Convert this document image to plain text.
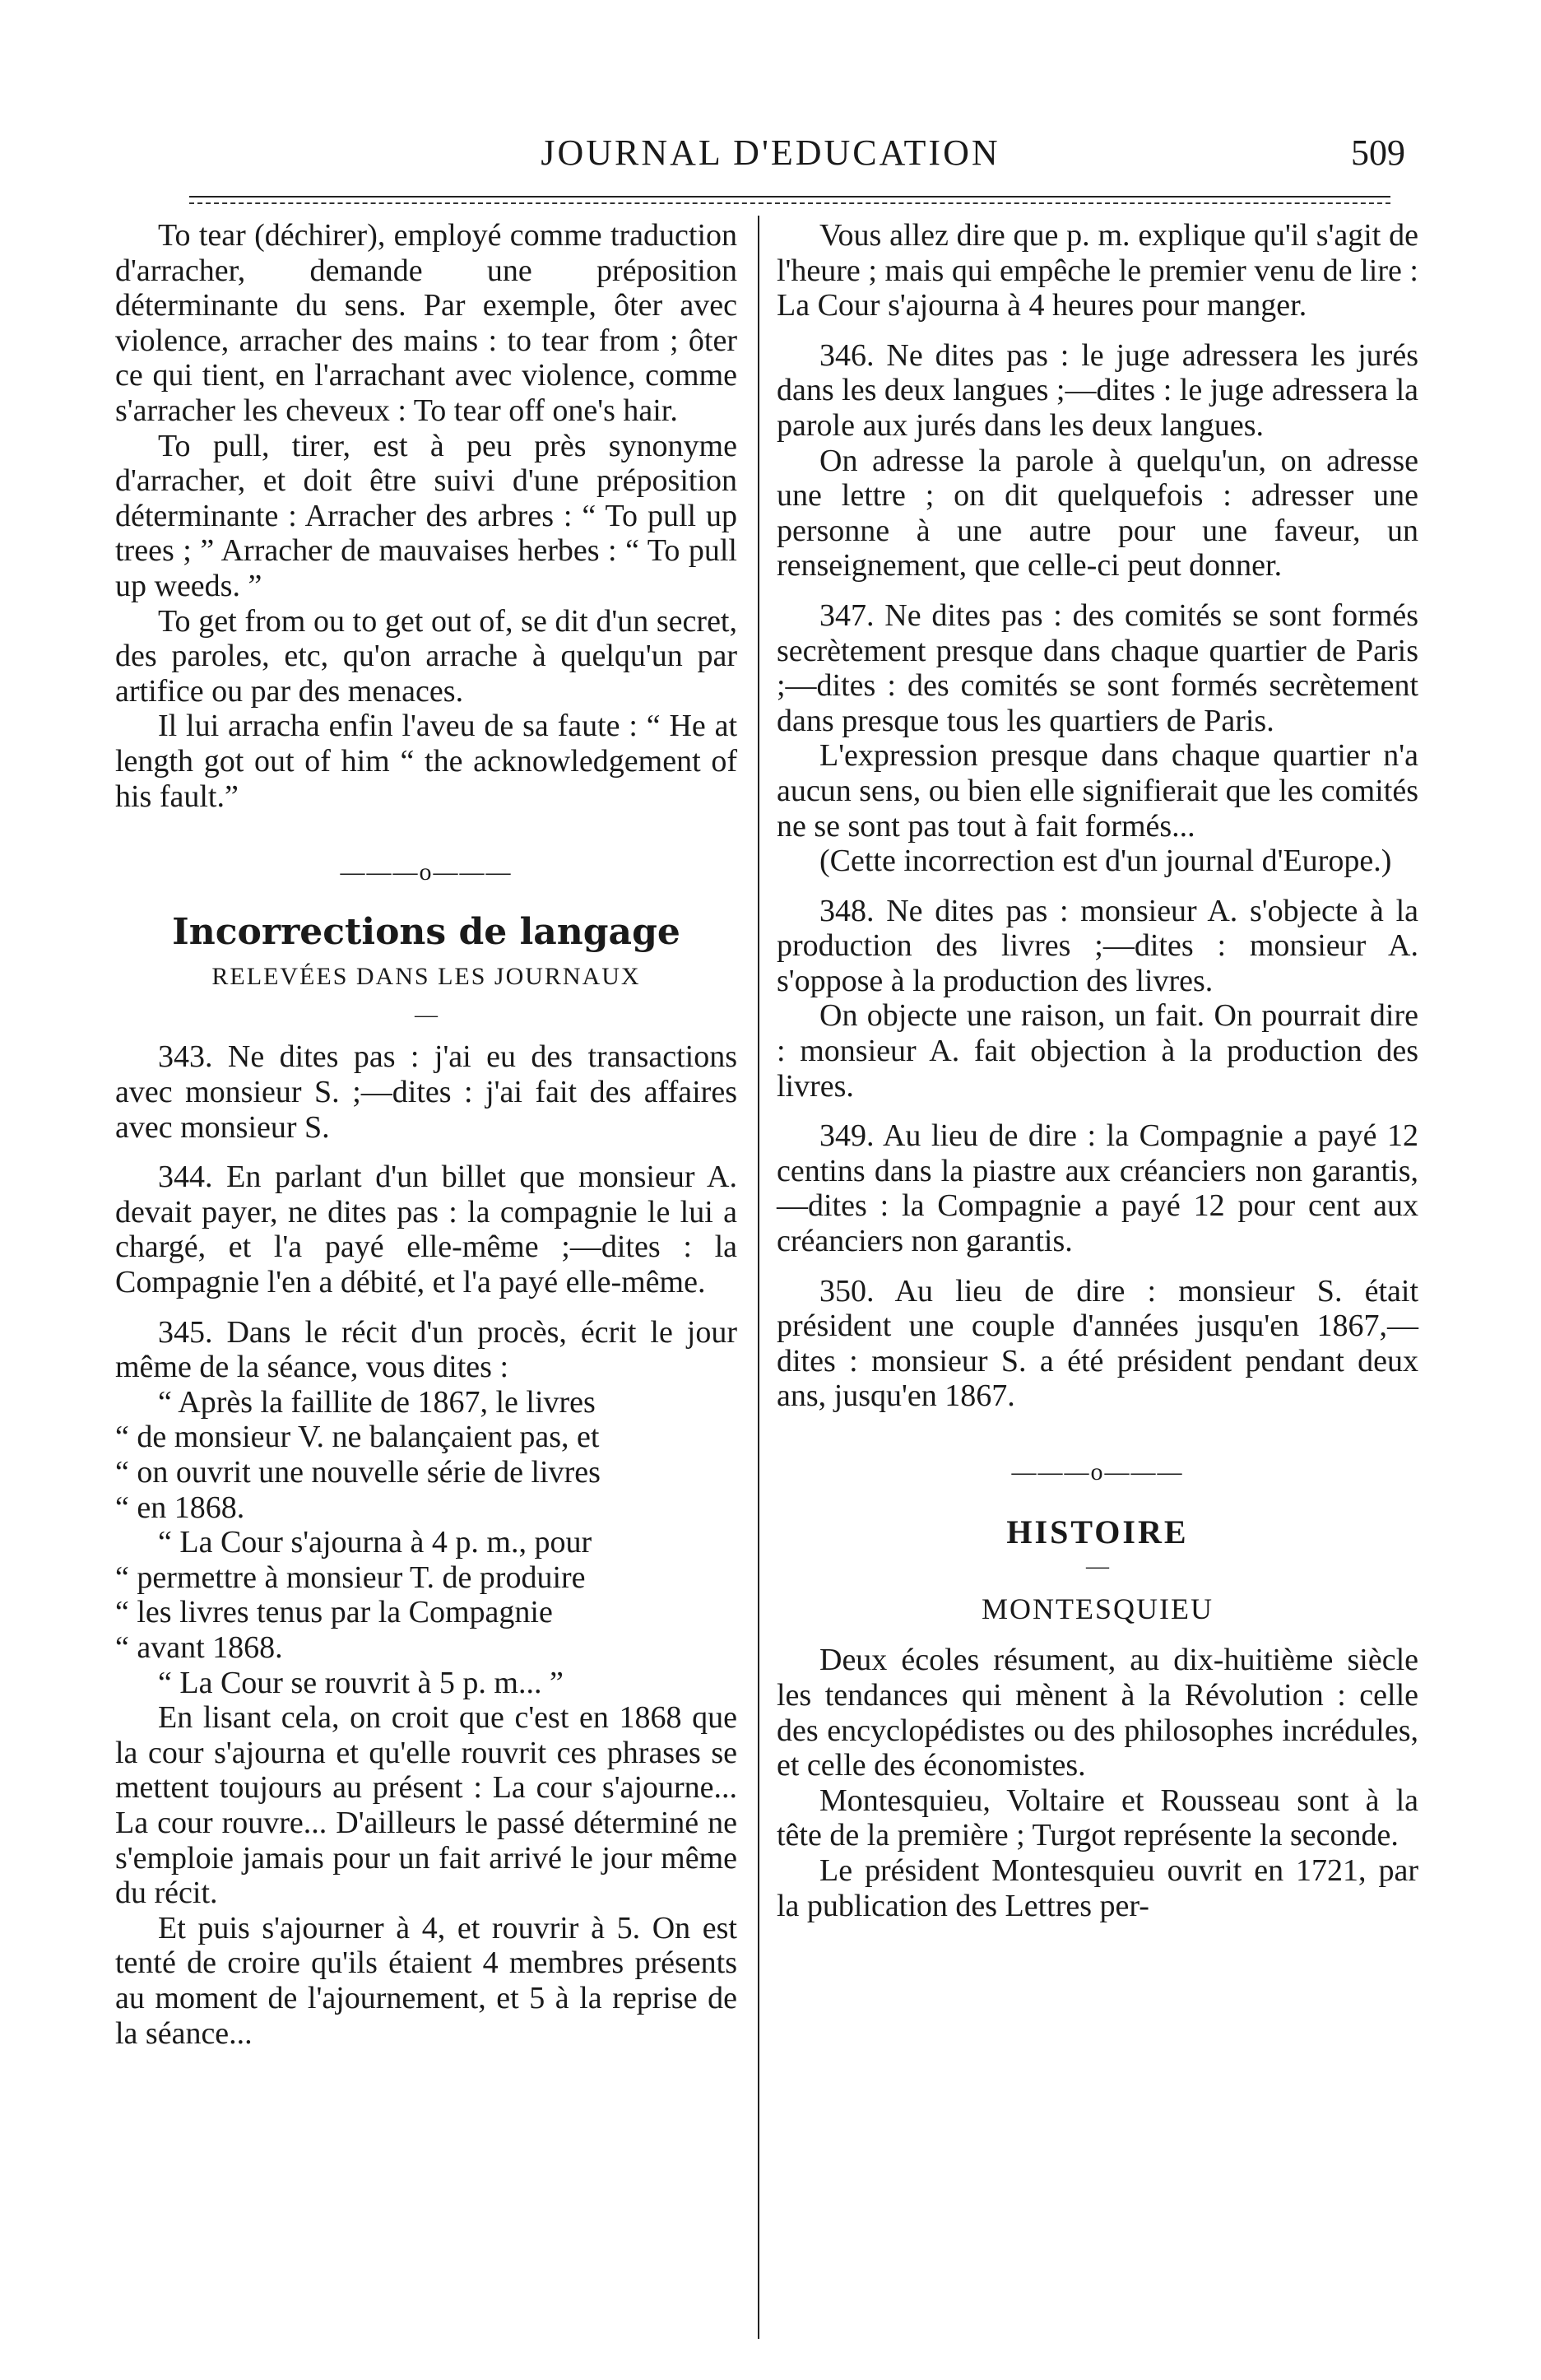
JOURNAL D'EDUCATION	509

To tear (déchirer), employé comme traduction d'arracher, demande une préposition déterminante du sens. Par exemple, ôter avec violence, arracher des mains : to tear from ; ôter ce qui tient, en l'arrachant avec violence, comme s'arracher les cheveux : To tear off one's hair.

To pull, tirer, est à peu près synonyme d'arracher, et doit être suivi d'une préposition déterminante : Arracher des arbres : “ To pull up trees ; ” Arracher de mauvaises herbes : “ To pull up weeds. ”

To get from ou to get out of, se dit d'un secret, des paroles, etc, qu'on arrache à quelqu'un par artifice ou par des menaces.

Il lui arracha enfin l'aveu de sa faute : “ He at length got out of him “ the acknowledgement of his fault.”

———o———

Incorrections de langage

RELEVÉES DANS LES JOURNAUX

—

343. Ne dites pas : j'ai eu des transactions avec monsieur S. ;—dites : j'ai fait des affaires avec monsieur S.

344. En parlant d'un billet que monsieur A. devait payer, ne dites pas : la compagnie le lui a chargé, et l'a payé elle-même ;—dites : la Compagnie l'en a débité, et l'a payé elle-même.

345. Dans le récit d'un procès, écrit le jour même de la séance, vous dites :

“ Après la faillite de 1867, le livres

“ de monsieur V. ne balançaient pas, et

“ on ouvrit une nouvelle série de livres

“ en 1868.

“ La Cour s'ajourna à 4 p. m., pour

“ permettre à monsieur T. de produire

“ les livres tenus par la Compagnie

“ avant 1868.

“ La Cour se rouvrit à 5 p. m... ”

En lisant cela, on croit que c'est en 1868 que la cour s'ajourna et qu'elle rouvrit ces phrases se mettent toujours au présent : La cour s'ajourne... La cour rouvre... D'ailleurs le passé déterminé ne s'emploie jamais pour un fait arrivé le jour même du récit.

Et puis s'ajourner à 4, et rouvrir à 5. On est tenté de croire qu'ils étaient 4 membres présents au moment de l'ajournement, et 5 à la reprise de la séance...

Vous allez dire que p. m. explique qu'il s'agit de l'heure ; mais qui empêche le premier venu de lire : La Cour s'ajourna à 4 heures pour manger.

346. Ne dites pas : le juge adressera les jurés dans les deux langues ;—dites : le juge adressera la parole aux jurés dans les deux langues.

On adresse la parole à quelqu'un, on adresse une lettre ; on dit quelquefois : adresser une personne à une autre pour une faveur, un renseignement, que celle-ci peut donner.

347. Ne dites pas : des comités se sont formés secrètement presque dans chaque quartier de Paris ;—dites : des comités se sont formés secrètement dans presque tous les quartiers de Paris.

L'expression presque dans chaque quartier n'a aucun sens, ou bien elle signifierait que les comités ne se sont pas tout à fait formés...

(Cette incorrection est d'un journal d'Europe.)

348. Ne dites pas : monsieur A. s'objecte à la production des livres ;—dites : monsieur A. s'oppose à la production des livres.

On objecte une raison, un fait. On pourrait dire : monsieur A. fait objection à la production des livres.

349. Au lieu de dire : la Compagnie a payé 12 centins dans la piastre aux créanciers non garantis,—dites : la Compagnie a payé 12 pour cent aux créanciers non garantis.

350. Au lieu de dire : monsieur S. était président une couple d'années jusqu'en 1867,—dites : monsieur S. a été président pendant deux ans, jusqu'en 1867.

———o———

HISTOIRE

—

MONTESQUIEU

Deux écoles résument, au dix-huitième siècle les tendances qui mènent à la Révolution : celle des encyclopédistes ou des philosophes incrédules, et celle des économistes.

Montesquieu, Voltaire et Rousseau sont à la tête de la première ; Turgot représente la seconde.

Le président Montesquieu ouvrit en 1721, par la publication des Lettres per-
